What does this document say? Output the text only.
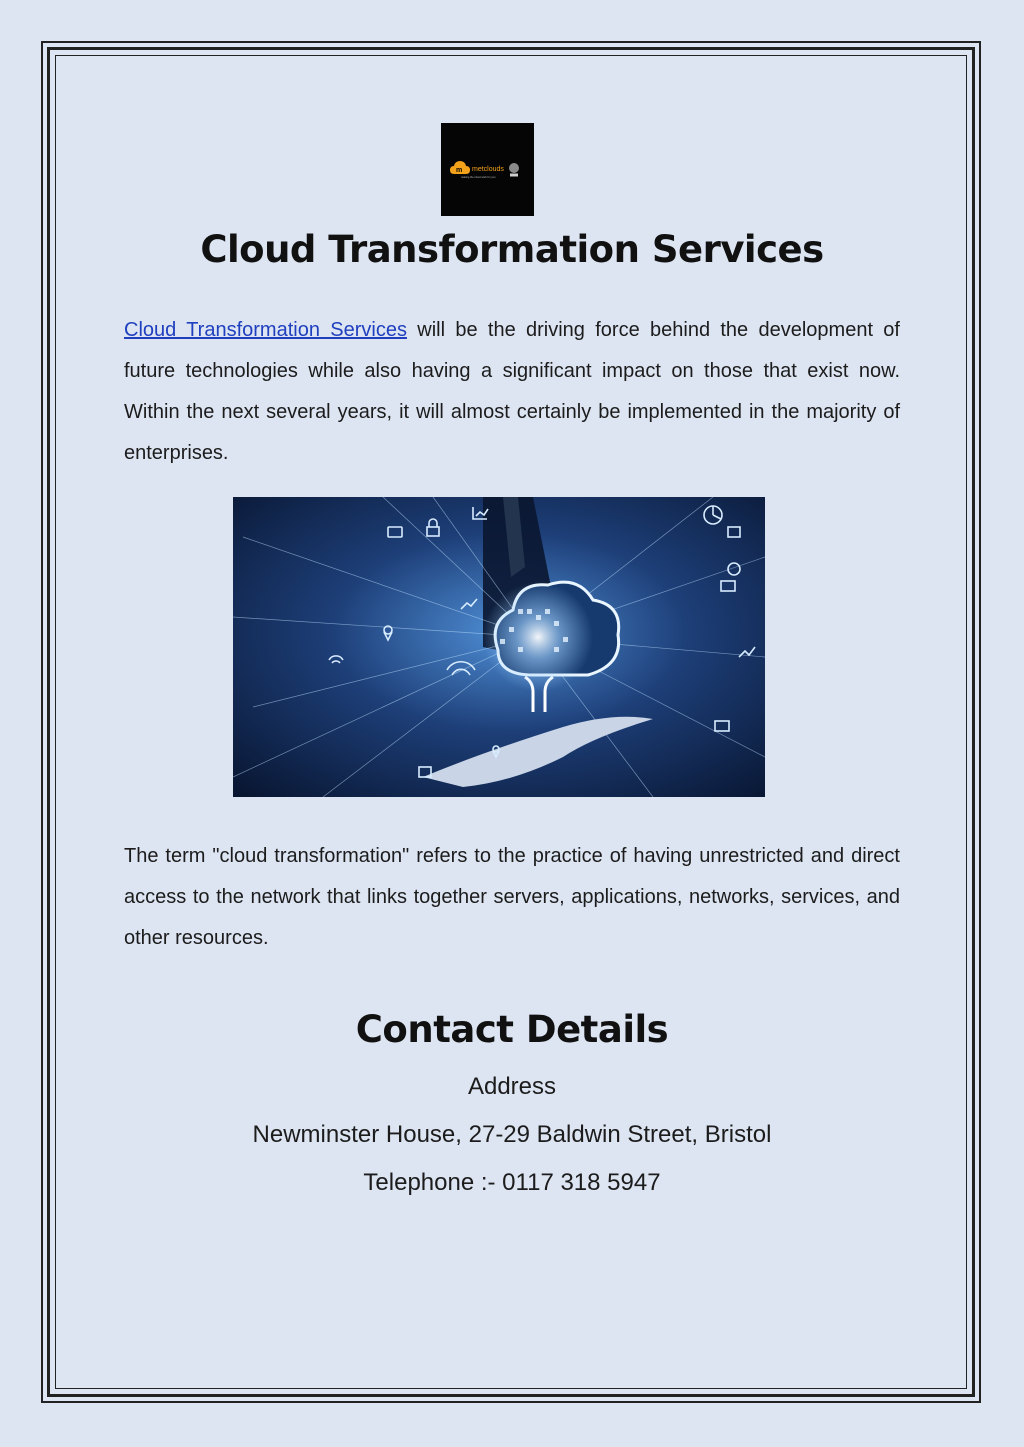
m metclouds
making the cloud work for you
Cloud Transformation Services

Cloud Transformation Services will be the driving force behind the development of future technologies while also having a significant impact on those that exist now. Within the next several years, it will almost certainly be implemented in the majority of enterprises.

The term "cloud transformation" refers to the practice of having unrestricted and direct access to the network that links together servers, applications, networks, services, and other resources.

Contact Details

Address

Newminster House, 27-29 Baldwin Street, Bristol

Telephone :- 0117 318 5947
